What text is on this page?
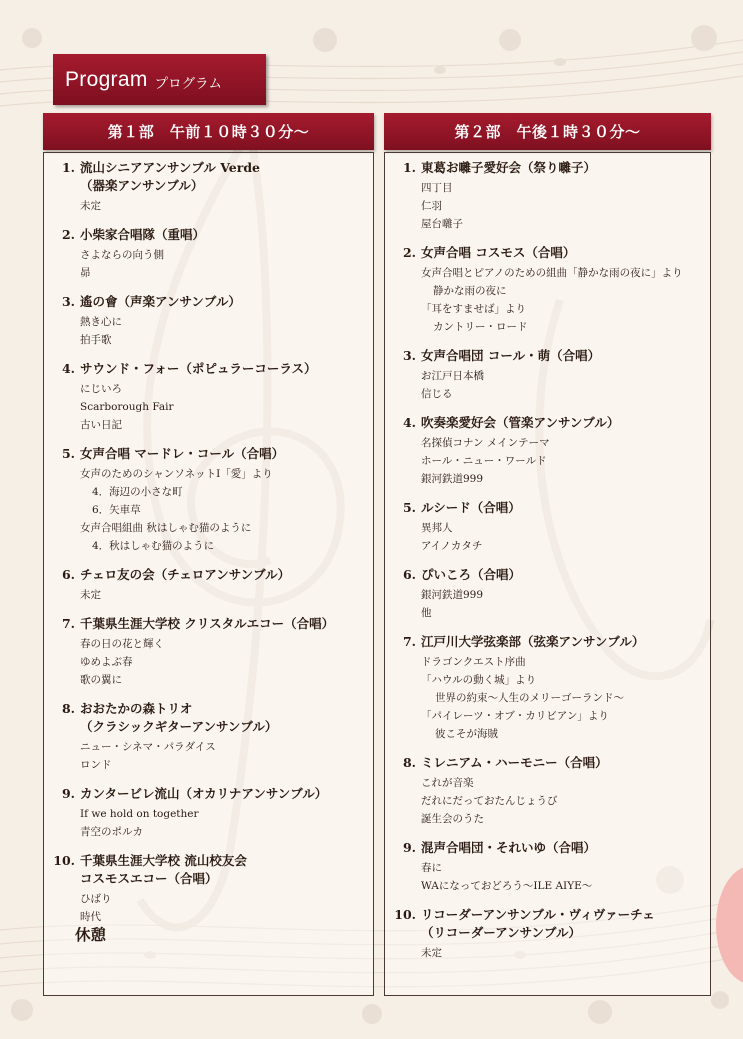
Program プログラム
第１部　午前１０時３０分～	第２部　午後１時３０分～
1. 流山シニアアンサンブル Verde
（器楽アンサンブル）
未定
2. 小柴家合唱隊（重唱）
さよならの向う側
昴
3. 遙の會（声楽アンサンブル）
熱き心に
拍手歌
4. サウンド・フォー（ポピュラーコーラス）
にじいろ
Scarborough Fair
古い日記
5. 女声合唱 マードレ・コール（合唱）
女声のためのシャンソネットⅠ「愛」より
4．海辺の小さな町
6．矢車草
女声合唱組曲 秋はしゃむ猫のように
4．秋はしゃむ猫のように
6. チェロ友の会（チェロアンサンブル）
未定
7. 千葉県生涯大学校 クリスタルエコー（合唱）
春の日の花と輝く
ゆめよぶ春
歌の翼に
8. おおたかの森トリオ
（クラシックギターアンサンブル）
ニュー・シネマ・パラダイス
ロンド
9. カンタービレ流山（オカリナアンサンブル）
If we hold on together
青空のポルカ
10. 千葉県生涯大学校 流山校友会
コスモスエコー（合唱）
ひばり
時代
休憩
1. 東葛お囃子愛好会（祭り囃子）
四丁目
仁羽
屋台囃子
2. 女声合唱 コスモス（合唱）
女声合唱とピアノのための組曲「静かな雨の夜に」より
静かな雨の夜に
「耳をすませば」より
カントリー・ロード
3. 女声合唱団 コール・萌（合唱）
お江戸日本橋
信じる
4. 吹奏楽愛好会（管楽アンサンブル）
名探偵コナン メインテーマ
ホール・ニュー・ワールド
銀河鉄道999
5. ルシード（合唱）
異邦人
アイノカタチ
6. ぴいころ（合唱）
銀河鉄道999
他
7. 江戸川大学弦楽部（弦楽アンサンブル）
ドラゴンクエスト序曲
「ハウルの動く城」より
世界の約束～人生のメリーゴーランド～
「パイレーツ・オブ・カリビアン」より
彼こそが海賊
8. ミレニアム・ハーモニー（合唱）
これが音楽
だれにだっておたんじょうび
誕生会のうた
9. 混声合唱団・それいゆ（合唱）
春に
WAになっておどろう～ILE AIYE～
10. リコーダーアンサンブル・ヴィヴァーチェ
（リコーダーアンサンブル）
未定
